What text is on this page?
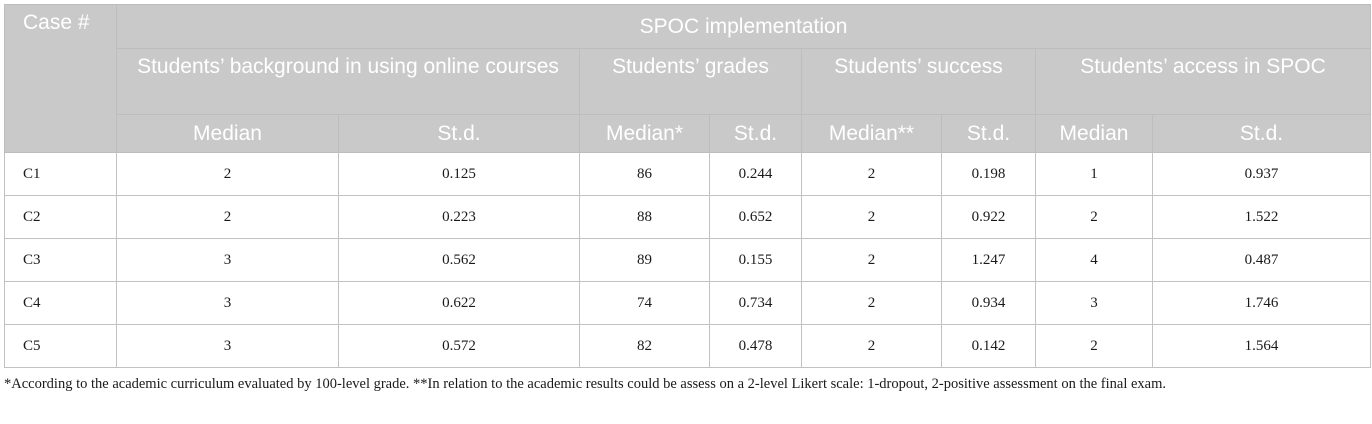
Case #	SPOC implementation							

	Students’ background in using online courses		Students’ grades		Students’ success		Students’ access in SPOC	

	Median	St.d.	Median*	St.d.	Median**	St.d.	Median	St.d.
C1	2	0.125	86	0.244	2	0.198	1	0.937
C2	2	0.223	88	0.652	2	0.922	2	1.522
C3	3	0.562	89	0.155	2	1.247	4	0.487
C4	3	0.622	74	0.734	2	0.934	3	1.746
C5	3	0.572	82	0.478	2	0.142	2	1.564
*According to the academic curriculum evaluated by 100-level grade. **In relation to the academic results could be assess on a 2-level Likert scale: 1-dropout, 2-positive assessment on the final exam.
